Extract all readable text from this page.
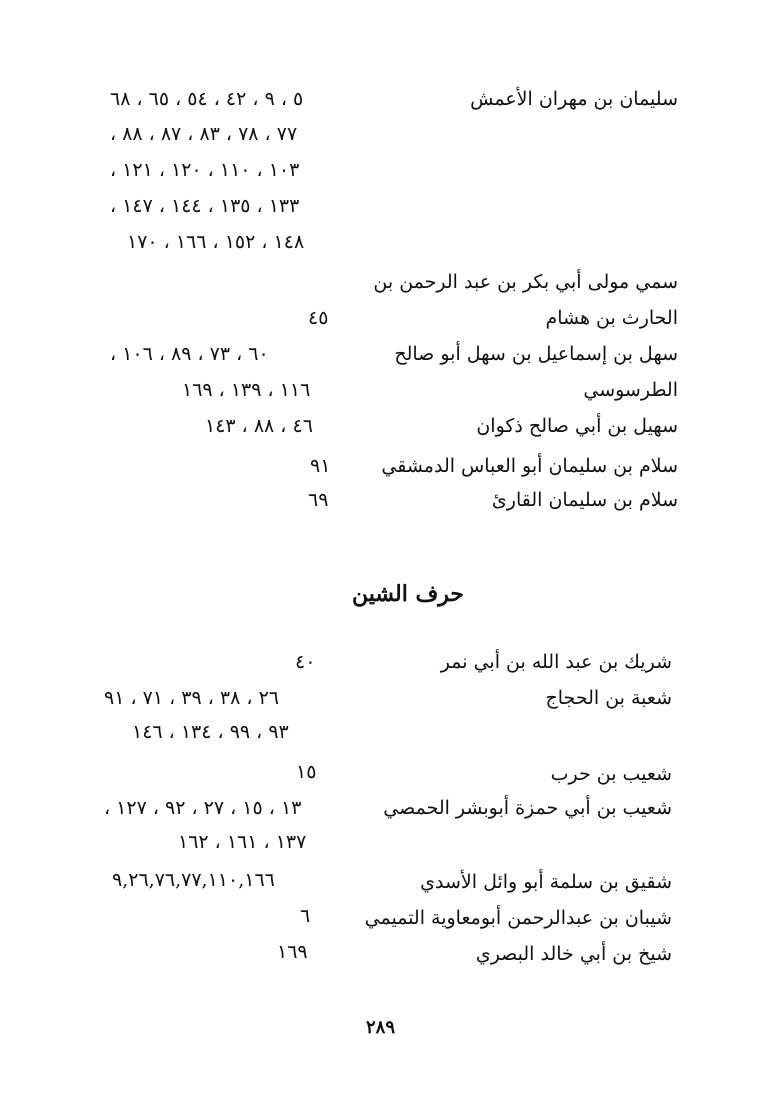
سليمان بن مهران الأعمش
٥ ، ٩ ، ٤٢ ، ٥٤ ، ٦٥ ، ٦٨
٧٧ ، ٧٨ ، ٨٣ ، ٨٧ ، ٨٨ ،
١٠٣ ، ١١٠ ، ١٢٠ ، ١٢١ ،
١٣٣ ، ١٣٥ ، ١٤٤ ، ١٤٧ ،
١٤٨ ، ١٥٢ ، ١٦٦ ، ١٧٠
سمي مولى أبي بكر بن عبد الرحمن بن
الحارث بن هشام
٤٥
سهل بن إسماعيل بن سهل أبو صالح
٦٠ ، ٧٣ ، ٨٩ ، ١٠٦ ،
الطرسوسي
١١٦ ، ١٣٩ ، ١٦٩
سهيل بن أبي صالح ذكوان
٤٦ ، ٨٨ ، ١٤٣
سلام بن سليمان أبو العباس الدمشقي
٩١
سلام بن سليمان القارئ
٦٩
حرف الشين
شريك بن عبد الله بن أبي نمر
٤٠
شعبة بن الحجاج
٢٦ ، ٣٨ ، ٣٩ ، ٧١ ، ٩١
٩٣ ، ٩٩ ، ١٣٤ ، ١٤٦
شعيب بن حرب
١٥
شعيب بن أبي حمزة أبوبشر الحمصي
١٣ ، ١٥ ، ٢٧ ، ٩٢ ، ١٢٧ ،
١٣٧ ، ١٦١ ، ١٦٢
شقيق بن سلمة أبو وائل الأسدي
٩,٢٦,٧٦,٧٧,١١٠,١٦٦
شيبان بن عبدالرحمن أبومعاوية التميمي
٦
شيخ بن أبي خالد البصري
١٦٩
٢٨٩
